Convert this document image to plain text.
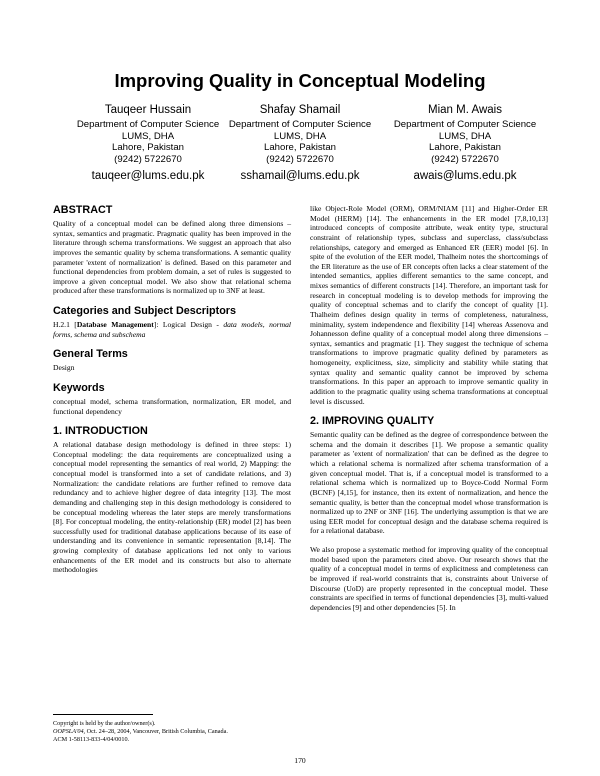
Improving Quality in Conceptual Modeling
Tauqeer Hussain
Department of Computer Science
LUMS, DHA
Lahore, Pakistan
(9242) 5722670
tauqeer@lums.edu.pk
Shafay Shamail
Department of Computer Science
LUMS, DHA
Lahore, Pakistan
(9242) 5722670
sshamail@lums.edu.pk
Mian M. Awais
Department of Computer Science
LUMS, DHA
Lahore, Pakistan
(9242) 5722670
awais@lums.edu.pk
ABSTRACT

Quality of a conceptual model can be defined along three dimensions – syntax, semantics and pragmatic. Pragmatic quality has been improved in the literature through schema transformations. We suggest an approach that also improves the semantic quality by schema transformations. A semantic quality parameter 'extent of normalization' is defined. Based on this parameter and functional dependencies from problem domain, a set of rules is suggested to improve a given conceptual model. We also show that relational schema produced after these transformations is normalized up to 3NF at least.

Categories and Subject Descriptors

H.2.1 [Database Management]: Logical Design - data models, normal forms, schema and subschema

General Terms

Design

Keywords

conceptual model, schema transformation, normalization, ER model, and functional dependency

1. INTRODUCTION

A relational database design methodology is defined in three steps: 1) Conceptual modeling: the data requirements are conceptualized using a conceptual model representing the semantics of real world, 2) Mapping: the conceptual model is transformed into a set of candidate relations, and 3) Normalization: the candidate relations are further refined to remove data redundancy and to achieve higher degree of data integrity [13]. The most demanding and challenging step in this design methodology is considered to be conceptual modeling whereas the later steps are merely transformations [8]. For conceptual modeling, the entity-relationship (ER) model [2] has been successfully used for traditional database applications because of its ease of understanding and its convenience in semantic representation [8,14]. The growing complexity of database applications led not only to various enhancements of the ER model and its constructs but also to alternate methodologies

like Object-Role Model (ORM), ORM/NIAM [11] and Higher-Order ER Model (HERM) [14]. The enhancements in the ER model [7,8,10,13] introduced concepts of composite attribute, weak entity type, structural constraint of relationship types, subclass and superclass, class/subclass relationships, category and emerged as Enhanced ER (EER) model [6]. In spite of the evolution of the EER model, Thalheim notes the shortcomings of the ER literature as the use of ER concepts often lacks a clear statement of the intended semantics, applies different semantics to the same concept, and mixes semantics of different constructs [14]. Therefore, an important task for research in conceptual modeling is to develop methods for improving the quality of conceptual schemas and to clarify the concept of quality [1]. Thalheim defines design quality in terms of completeness, naturalness, minimality, system independence and flexibility [14] whereas Assenova and Johannesson define quality of a conceptual model along three dimensions – syntax, semantics and pragmatic [1]. They suggest the technique of schema transformations to improve pragmatic quality defined by parameters as homogeneity, explicitness, size, simplicity and stability while stating that syntax quality and semantic quality cannot be improved by schema transformations. In this paper an approach to improve semantic quality in addition to the pragmatic quality using schema transformations at conceptual level is discussed.

2. IMPROVING QUALITY

Semantic quality can be defined as the degree of correspondence between the schema and the domain it describes [1]. We propose a semantic quality parameter as 'extent of normalization' that can be defined as the degree to which a relational schema is normalized after schema transformation of a given conceptual model. That is, if a conceptual model is transformed to a relational schema which is normalized up to Boyce-Codd Normal Form (BCNF) [4,15], for instance, then its extent of normalization, and hence the semantic quality, is better than the conceptual model whose transformation is normalized up to 2NF or 3NF [16]. The underlying assumption is that we are using EER model for conceptual design and the database schema required is for a relational database.

We also propose a systematic method for improving quality of the conceptual model based upon the parameters cited above. Our research shows that the quality of a conceptual model in terms of explicitness and completeness can be improved if real-world constraints that is, constraints about Universe of Discourse (UoD) are properly represented in the conceptual model. These constraints are specified in terms of functional dependencies [3], multi-valued dependencies [9] and other dependencies [5]. In

Copyright is held by the author/owner(s).
OOPSLA'04, Oct. 24–28, 2004, Vancouver, British Columbia, Canada.
ACM 1-58113-833-4/04/0010.
170
